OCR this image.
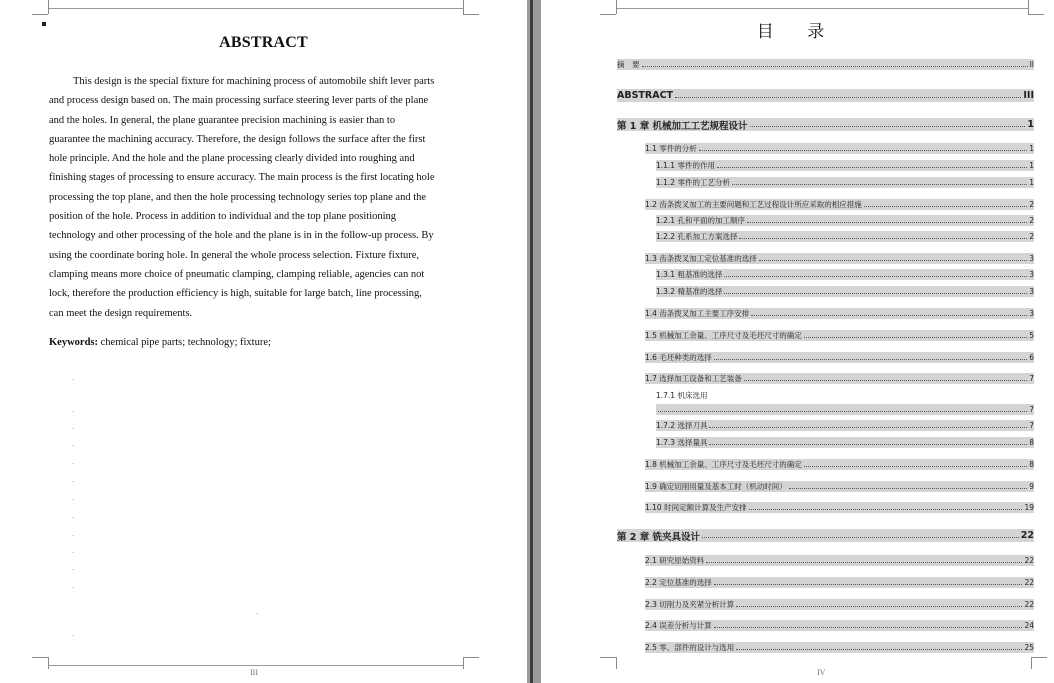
ABSTRACT
This design is the special fixture for machining process of automobile shift lever parts
and process design based on. The main processing surface steering lever parts of the plane
and the holes. In general, the plane guarantee precision machining is easier than to
guarantee the machining accuracy. Therefore, the design follows the surface after the first
hole principle. And the hole and the plane processing clearly divided into roughing and
finishing stages of processing to ensure accuracy. The main process is the first locating hole
processing the top plane, and then the hole processing technology series top plane and the
position of the hole. Process in addition to individual and the top plane positioning
technology and other processing of the hole and the plane is in in the follow-up process. By
using the coordinate boring hole. In general the whole process selection. Fixture fixture,
clamping means more choice of pneumatic clamping, clamping reliable, agencies can not
lock, therefore the production efficiency is high, suitable for large batch, line processing,
can meet the design requirements.
Keywords: chemical pipe parts; technology; fixture;
.
.
.
.
.
.
.
.
.
.
.
.
.
.
III
目 录
摘　要	II
ABSTRACT	III
第 1 章 机械加工工艺规程设计	1
1.1 零件的分析	1
1.1.1 零件的作用	1
1.1.2 零件的工艺分析	1
1.2 齿条拨叉加工的主要问题和工艺过程设计所应采取的相应措施	2
1.2.1 孔和平面的加工顺序	2
1.2.2 孔系加工方案选择	2
1.3 齿条拨叉加工定位基准的选择	3
1.3.1 粗基准的选择	3
1.3.2 精基准的选择	3
1.4 齿条拨叉加工主要工序安排	3
1.5 机械加工余量、工序尺寸及毛坯尺寸的确定	5
1.6 毛坯种类的选择	6
1.7 选择加工设备和工艺装备	7
1.7.1 机床选用
7
1.7.2 选择刀具	7
1.7.3 选择量具	8
1.8 机械加工余量、工序尺寸及毛坯尺寸的确定	8
1.9 确定切削用量及基本工时（机动时间）	9
1.10 时间定额计算及生产安排	19
第 2 章 铣夹具设计	22
2.1 研究原始资料	22
2.2 定位基准的选择	22
2.3 切削力及夹紧分析计算	22
2.4 误差分析与计算	24
2.5 零、部件的设计与选用	25
IV
